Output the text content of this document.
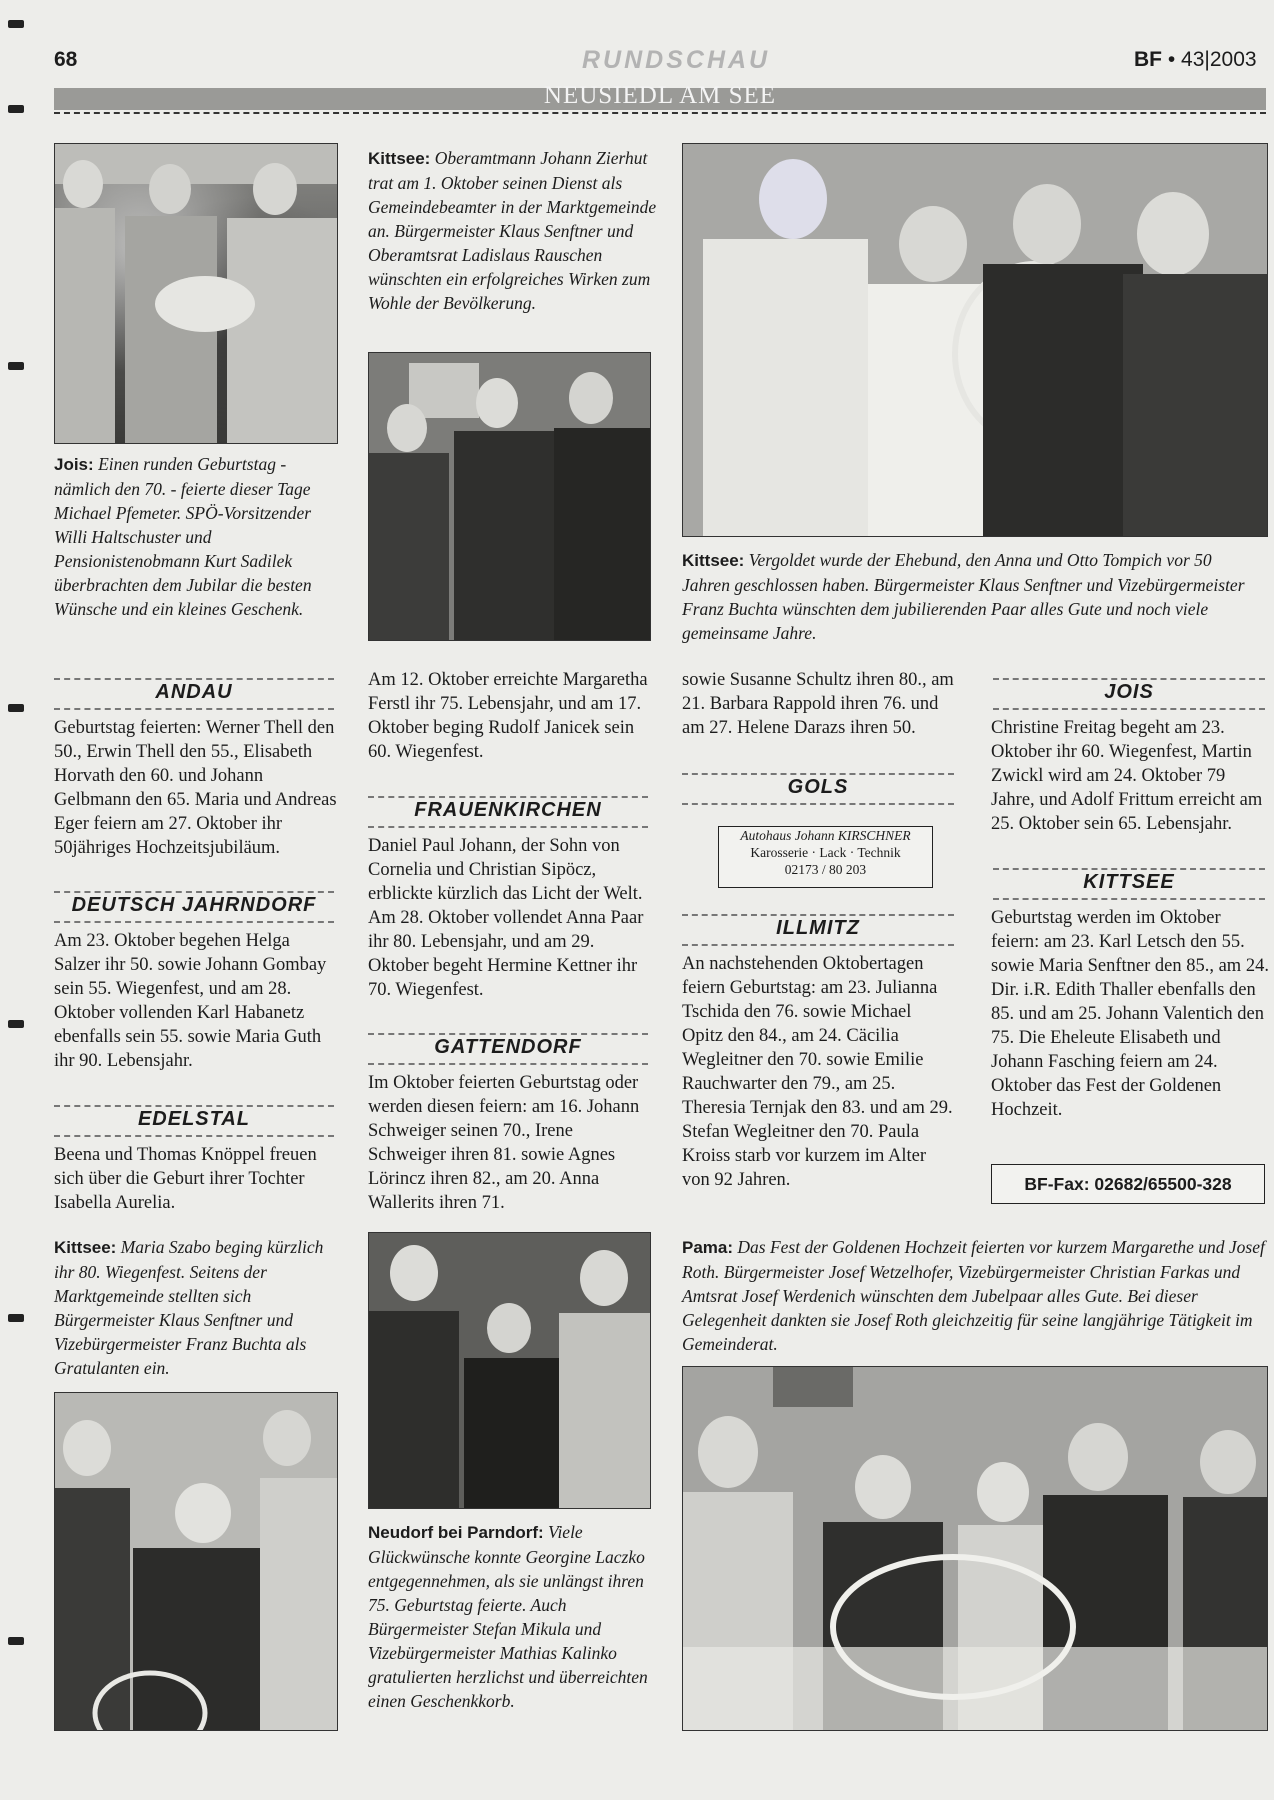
68	RUNDSCHAU	BF • 43|2003
NEUSIEDL AM SEE
Jois: Einen runden Geburtstag - nämlich den 70. - feierte dieser Tage Michael Pfemeter. SPÖ-Vorsitzender Willi Haltschuster und Pensionistenobmann Kurt Sadilek überbrachten dem Jubilar die besten Wünsche und ein kleines Geschenk.
Kittsee: Oberamtmann Johann Zierhut trat am 1. Oktober seinen Dienst als Gemeindebeamter in der Marktgemeinde an. Bürgermeister Klaus Senftner und Oberamtsrat Ladislaus Rauschen wünschten ein erfolgreiches Wirken zum Wohle der Bevölkerung.
Kittsee: Vergoldet wurde der Ehebund, den Anna und Otto Tompich vor 50 Jahren geschlossen haben. Bürgermeister Klaus Senftner und Vizebürgermeister Franz Buchta wünschten dem jubilierenden Paar alles Gute und noch viele gemeinsame Jahre.
ANDAU
Geburtstag feierten: Werner Thell den 50., Erwin Thell den 55., Elisabeth Horvath den 60. und Johann Gelbmann den 65. Maria und Andreas Eger feiern am 27. Oktober ihr 50jähriges Hochzeitsjubiläum.
DEUTSCH JAHRNDORF
Am 23. Oktober begehen Helga Salzer ihr 50. sowie Johann Gombay sein 55. Wiegenfest, und am 28. Oktober vollenden Karl Habanetz ebenfalls sein 55. sowie Maria Guth ihr 90. Lebensjahr.
EDELSTAL
Beena und Thomas Knöppel freuen sich über die Geburt ihrer Tochter Isabella Aurelia.
Am 12. Oktober erreichte Margaretha Ferstl ihr 75. Lebensjahr, und am 17. Oktober beging Rudolf Janicek sein 60. Wiegenfest.
FRAUENKIRCHEN
Daniel Paul Johann, der Sohn von Cornelia und Christian Sipöcz, erblickte kürzlich das Licht der Welt. Am 28. Oktober vollendet Anna Paar ihr 80. Lebensjahr, und am 29. Oktober begeht Hermine Kettner ihr 70. Wiegenfest.
GATTENDORF
Im Oktober feierten Geburtstag oder werden diesen feiern: am 16. Johann Schweiger seinen 70., Irene Schweiger ihren 81. sowie Agnes Lörincz ihren 82., am 20. Anna Wallerits ihren 71.
sowie Susanne Schultz ihren 80., am 21. Barbara Rappold ihren 76. und am 27. Helene Darazs ihren 50.
GOLS
Autohaus Johann KIRSCHNER
Karosserie · Lack · Technik
02173 / 80 203
ILLMITZ
An nachstehenden Oktobertagen feiern Geburtstag: am 23. Julianna Tschida den 76. sowie Michael Opitz den 84., am 24. Cäcilia Wegleitner den 70. sowie Emilie Rauchwarter den 79., am 25. Theresia Ternjak den 83. und am 29. Stefan Wegleitner den 70. Paula Kroiss starb vor kurzem im Alter von 92 Jahren.
JOIS
Christine Freitag begeht am 23. Oktober ihr 60. Wiegenfest, Martin Zwickl wird am 24. Oktober 79 Jahre, und Adolf Frittum erreicht am 25. Oktober sein 65. Lebensjahr.
KITTSEE
Geburtstag werden im Oktober feiern: am 23. Karl Letsch den 55. sowie Maria Senftner den 85., am 24. Dir. i.R. Edith Thaller ebenfalls den 85. und am 25. Johann Valentich den 75. Die Eheleute Elisabeth und Johann Fasching feiern am 24. Oktober das Fest der Goldenen Hochzeit.
BF-Fax: 02682/65500-328
Kittsee: Maria Szabo beging kürzlich ihr 80. Wiegenfest. Seitens der Marktgemeinde stellten sich Bürgermeister Klaus Senftner und Vizebürgermeister Franz Buchta als Gratulanten ein.
Neudorf bei Parndorf: Viele Glückwünsche konnte Georgine Laczko entgegennehmen, als sie unlängst ihren 75. Geburtstag feierte. Auch Bürgermeister Stefan Mikula und Vizebürgermeister Mathias Kalinko gratulierten herzlichst und überreichten einen Geschenkkorb.
Pama: Das Fest der Goldenen Hochzeit feierten vor kurzem Margarethe und Josef Roth. Bürgermeister Josef Wetzelhofer, Vizebürgermeister Christian Farkas und Amtsrat Josef Werdenich wünschten dem Jubelpaar alles Gute. Bei dieser Gelegenheit dankten sie Josef Roth gleichzeitig für seine langjährige Tätigkeit im Gemeinderat.
